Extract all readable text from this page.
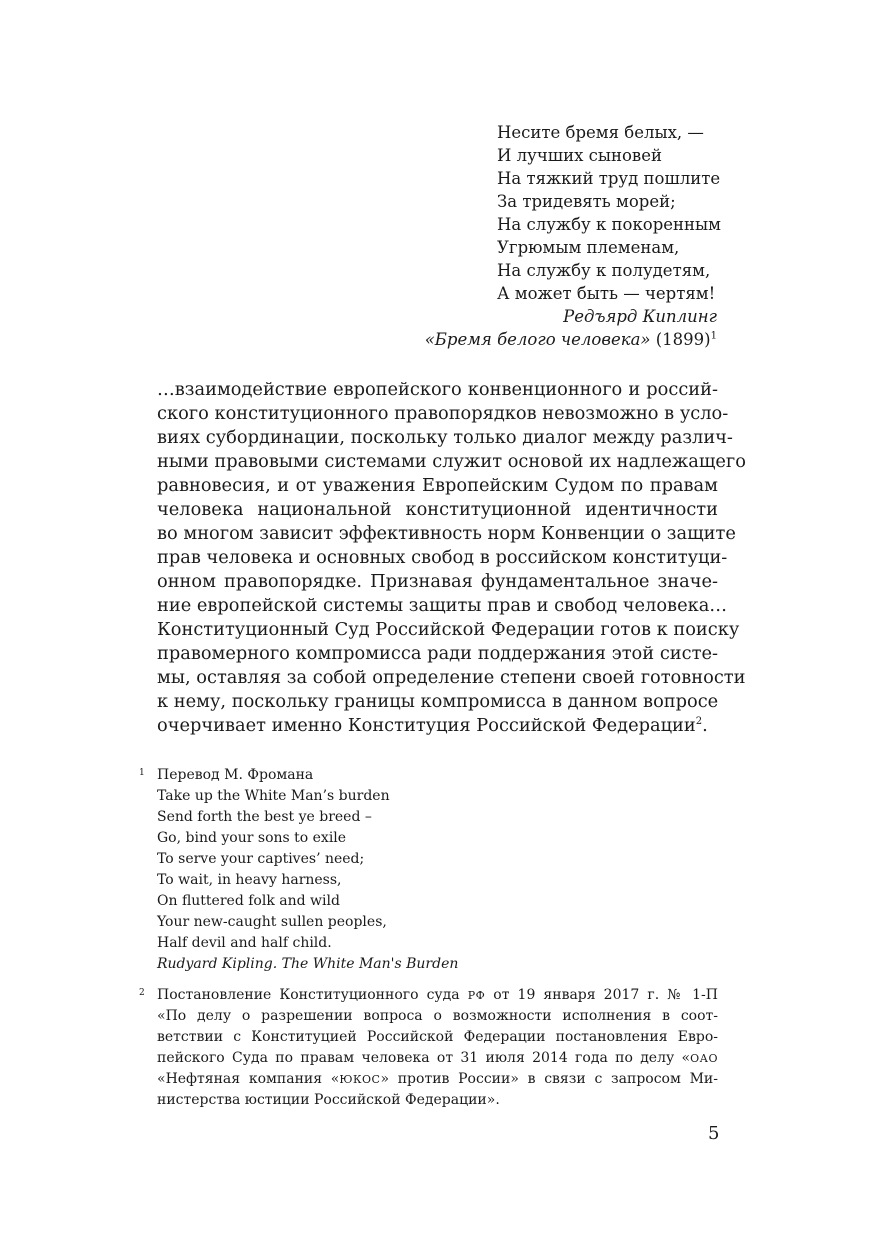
Несите бремя белых, —
И лучших сыновей
На тяжкий труд пошлите
За тридевять морей;
На службу к покоренным
Угрюмым племенам,
На службу к полудетям,
А может быть — чертям!
Редъярд Киплинг
«Бремя белого человека» (1899)$^1$
…взаимодействие европейского конвенционного и россий-
ского конституционного правопорядков невозможно в усло-
виях субординации, поскольку только диалог между различ-
ными правовыми системами служит основой их надлежащего
равновесия, и от уважения Европейским Судом по правам
человека национальной конституционной идентичности
во многом зависит эффективность норм Конвенции о защите
прав человека и основных свобод в российском конституци-
онном правопорядке. Признавая фундаментальное значе-
ние европейской системы защиты прав и свобод человека…
Конституционный Суд Российской Федерации готов к поиску
правомерного компромисса ради поддержания этой систе-
мы, оставляя за собой определение степени своей готовности
к нему, поскольку границы компромисса в данном вопросе
очерчивает именно Конституция Российской Федерации$^2$.
1 Перевод М. Фромана
Take up the White Man’s burden
Send forth the best ye breed –
Go, bind your sons to exile
To serve your captives’ need;
To wait, in heavy harness,
On fluttered folk and wild
Your new-caught sullen peoples,
Half devil and half child.
Rudyard Kipling. The White Man's Burden
2 Постановление Конституционного суда РФ от 19 января 2017 г. № 1-П
«По делу о разрешении вопроса о возможности исполнения в соот-
ветствии с Конституцией Российской Федерации постановления Евро-
пейского Суда по правам человека от 31 июля 2014 года по делу «ОАО
«Нефтяная компания «ЮКОС» против России» в связи с запросом Ми-
нистерства юстиции Российской Федерации».
5
